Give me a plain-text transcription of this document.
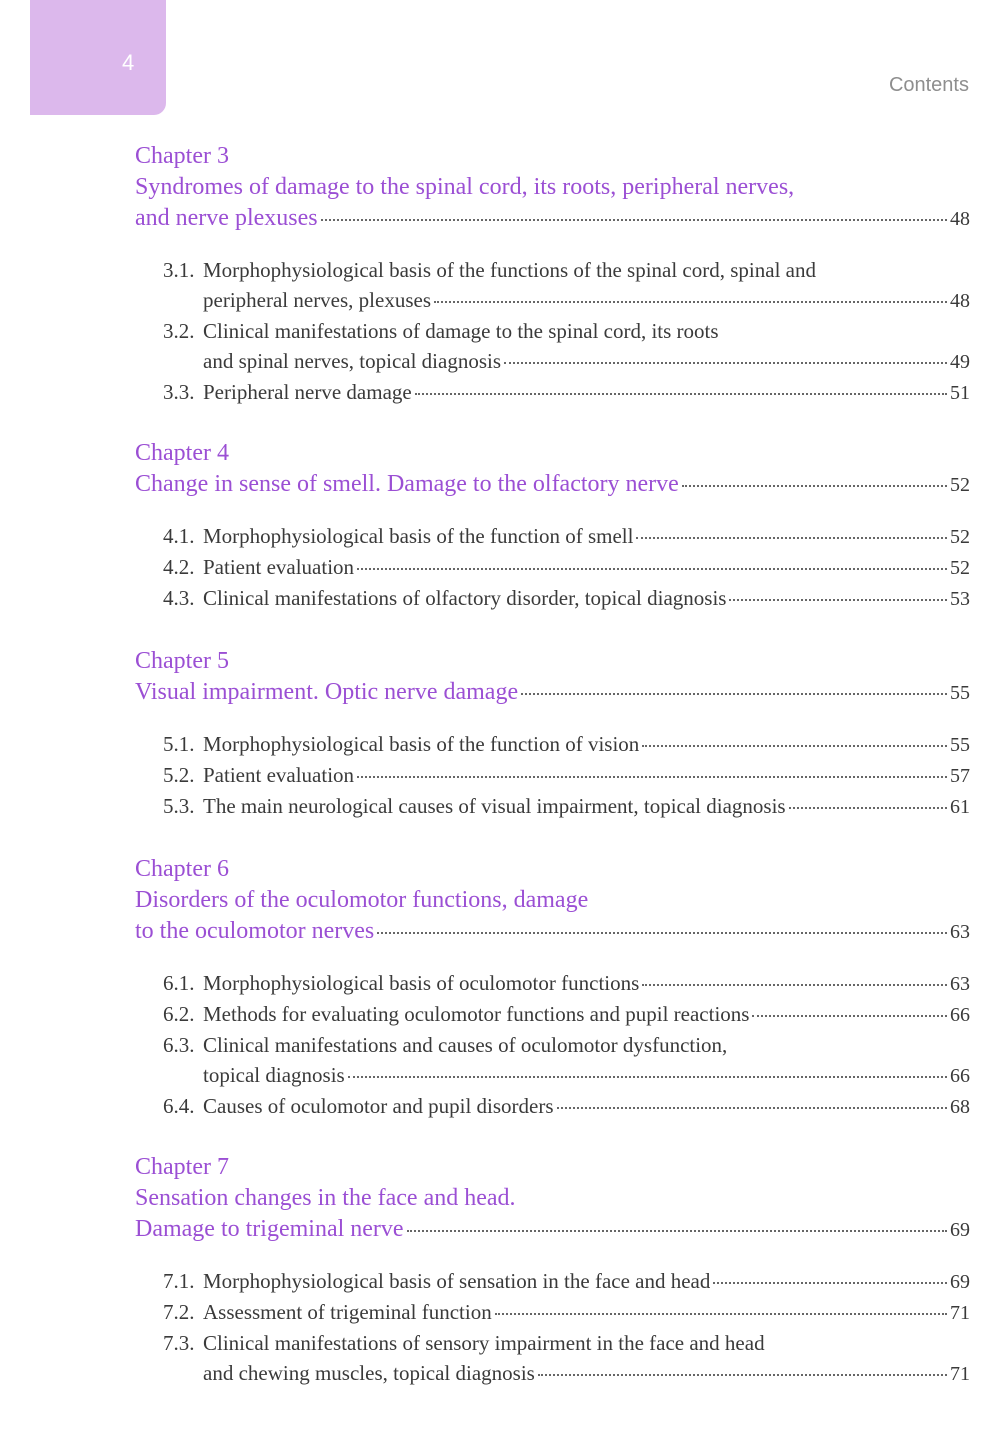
4
Contents
Chapter 3
Syndromes of damage to the spinal cord, its roots, peripheral nerves,
and nerve plexuses	48
3.1. Morphophysiological basis of the functions of the spinal cord, spinal and
peripheral nerves, plexuses	48
3.2. Clinical manifestations of damage to the spinal cord, its roots
and spinal nerves, topical diagnosis	49
3.3. Peripheral nerve damage	51
Chapter 4
Change in sense of smell. Damage to the olfactory nerve	52
4.1. Morphophysiological basis of the function of smell	52
4.2. Patient evaluation	52
4.3. Clinical manifestations of olfactory disorder, topical diagnosis	53
Chapter 5
Visual impairment. Optic nerve damage	55
5.1. Morphophysiological basis of the function of vision	55
5.2. Patient evaluation	57
5.3. The main neurological causes of visual impairment, topical diagnosis	61
Chapter 6
Disorders of the oculomotor functions, damage
to the oculomotor nerves	63
6.1. Morphophysiological basis of oculomotor functions	63
6.2. Methods for evaluating oculomotor functions and pupil reactions	66
6.3. Clinical manifestations and causes of oculomotor dysfunction,
topical diagnosis	66
6.4. Causes of oculomotor and pupil disorders	68
Chapter 7
Sensation changes in the face and head.
Damage to trigeminal nerve	69
7.1. Morphophysiological basis of sensation in the face and head	69
7.2. Assessment of trigeminal function	71
7.3. Clinical manifestations of sensory impairment in the face and head
and chewing muscles, topical diagnosis	71
